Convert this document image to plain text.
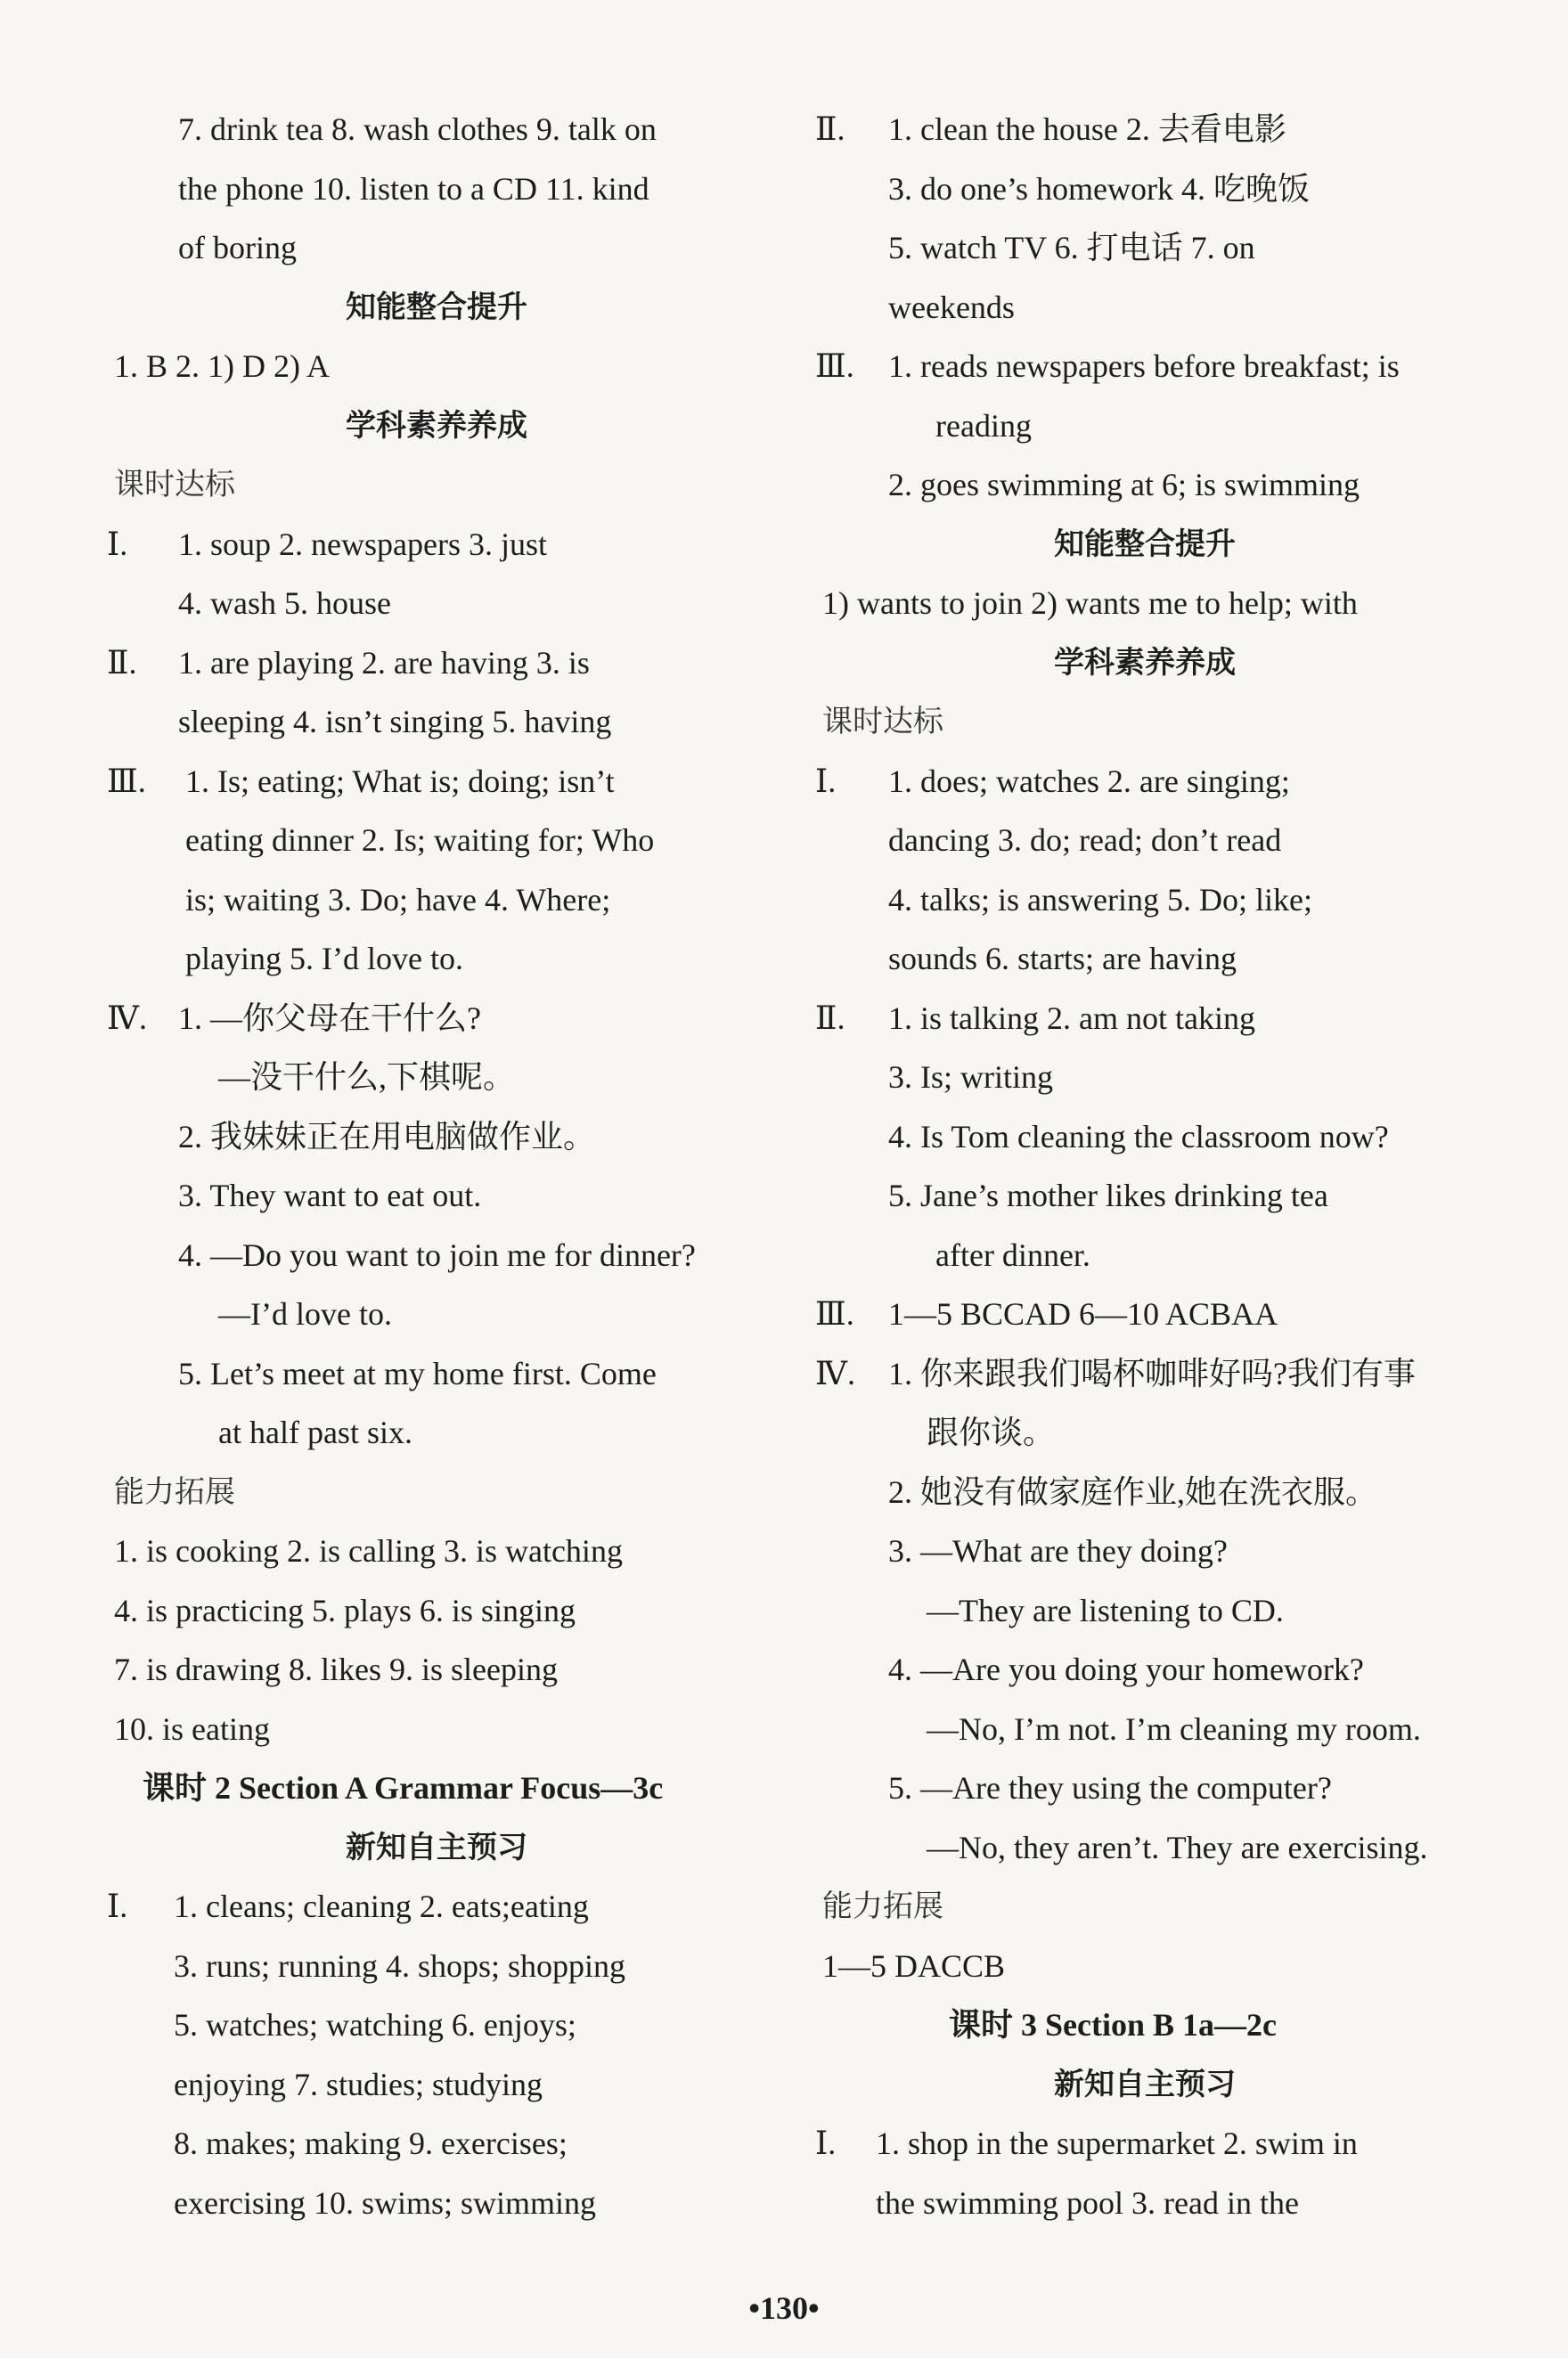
7. drink tea 8. wash clothes 9. talk on
the phone 10. listen to a CD 11. kind
of boring
知能整合提升
1. B 2. 1) D 2) A
学科素养养成
课时达标
Ⅰ. 1. soup 2. newspapers 3. just
4. wash 5. house
Ⅱ. 1. are playing 2. are having 3. is
sleeping 4. isn’t singing 5. having
Ⅲ. 1. Is; eating; What is; doing; isn’t
eating dinner 2. Is; waiting for; Who
is; waiting 3. Do; have 4. Where;
playing 5. I’d love to.
Ⅳ. 1. —你父母在干什么?
—没干什么,下棋呢。
2. 我妹妹正在用电脑做作业。
3. They want to eat out.
4. —Do you want to join me for dinner?
—I’d love to.
5. Let’s meet at my home first. Come
at half past six.
能力拓展
1. is cooking 2. is calling 3. is watching
4. is practicing 5. plays 6. is singing
7. is drawing 8. likes 9. is sleeping
10. is eating
课时 2 Section A Grammar Focus—3c
新知自主预习
Ⅰ. 1. cleans; cleaning 2. eats;eating
3. runs; running 4. shops; shopping
5. watches; watching 6. enjoys;
enjoying 7. studies; studying
8. makes; making 9. exercises;
exercising 10. swims; swimming
Ⅱ. 1. clean the house 2. 去看电影
3. do one’s homework 4. 吃晚饭
5. watch TV 6. 打电话 7. on
weekends
Ⅲ. 1. reads newspapers before breakfast; is
reading
2. goes swimming at 6; is swimming
知能整合提升
1) wants to join 2) wants me to help; with
学科素养养成
课时达标
Ⅰ. 1. does; watches 2. are singing;
dancing 3. do; read; don’t read
4. talks; is answering 5. Do; like;
sounds 6. starts; are having
Ⅱ. 1. is talking 2. am not taking
3. Is; writing
4. Is Tom cleaning the classroom now?
5. Jane’s mother likes drinking tea
after dinner.
Ⅲ. 1—5 BCCAD 6—10 ACBAA
Ⅳ. 1. 你来跟我们喝杯咖啡好吗?我们有事
跟你谈。
2. 她没有做家庭作业,她在洗衣服。
3. —What are they doing?
—They are listening to CD.
4. —Are you doing your homework?
—No, I’m not. I’m cleaning my room.
5. —Are they using the computer?
—No, they aren’t. They are exercising.
能力拓展
1—5 DACCB
课时 3 Section B 1a—2c
新知自主预习
Ⅰ. 1. shop in the supermarket 2. swim in
the swimming pool 3. read in the
•130•
